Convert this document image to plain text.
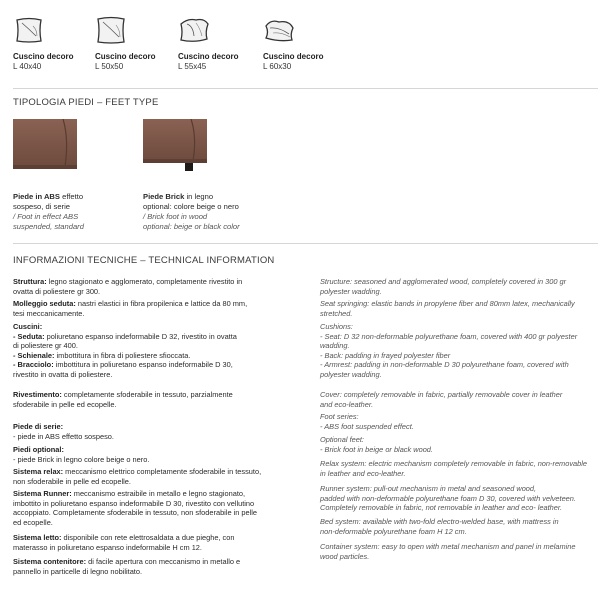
Cuscino decoro
L 40x40
Cuscino decoro
L 50x50
Cuscino decoro
L 55x45
Cuscino decoro
L 60x30
TIPOLOGIA PIEDI – FEET TYPE
Piede in ABS effetto
sospeso, di serie
/ Foot in effect ABS
suspended, standard
Piede Brick in legno
optional: colore beige o nero
/ Brick foot in wood
optional: beige or black color
INFORMAZIONI TECNICHE – TECHNICAL INFORMATION
Struttura: legno stagionato e agglomerato, completamente rivestito in
ovatta di poliestere gr 300.
Molleggio seduta: nastri elastici in fibra propilenica e lattice da 80 mm,
tesi meccanicamente.
Cuscini:
- Seduta: poliuretano espanso indeformabile D 32, rivestito in ovatta
di poliestere gr 400.
- Schienale: imbottitura in fibra di poliestere sfioccata.
- Bracciolo: imbottitura in poliuretano espanso indeformabile D 30,
rivestito in ovatta di poliestere.
Rivestimento: completamente sfoderabile in tessuto, parzialmente
sfoderabile in pelle ed ecopelle.
Piede di serie:
- piede in ABS effetto sospeso.
Piedi optional:
- piede Brick in legno colore beige o nero.
Sistema relax: meccanismo elettrico completamente sfoderabile in tessuto,
non sfoderabile in pelle ed ecopelle.
Sistema Runner: meccanismo estraibile in metallo e legno stagionato,
imbottito in poliuretano espanso indeformabile D 30, rivestito con vellutino
accoppiato. Completamente sfoderabile in tessuto, non sfoderabile in pelle
ed ecopelle.
Sistema letto: disponibile con rete elettrosaldata a due pieghe, con
materasso in poliuretano espanso indeformabile H cm 12.
Sistema contenitore: di facile apertura con meccanismo in metallo e
pannello in particelle di legno nobilitato.
Structure: seasoned and agglomerated wood, completely covered in 300 gr
polyester wadding.
Seat springing: elastic bands in propylene fiber and 80mm latex, mechanically
stretched.
Cushions:
- Seat: D 32 non-deformable polyurethane foam, covered with 400 gr polyester
wadding.
- Back: padding in frayed polyester fiber
- Armrest: padding in non-deformable D 30 polyurethane foam, covered with
polyester wadding.
Cover: completely removable in fabric, partially removable cover in leather
and eco-leather.
Foot series:
- ABS foot suspended effect.
Optional feet:
- Brick foot in beige or black wood.
Relax system: electric mechanism completely removable in fabric, non-removable
in leather and eco-leather.
Runner system: pull-out mechanism in metal and seasoned wood,
padded with non-deformable polyurethane foam D 30, covered with velveteen.
Completely removable in fabric, not removable in leather and eco- leather.
Bed system: available with two-fold electro-welded base, with mattress in
non-deformable polyurethane foam H 12 cm.
Container system: easy to open with metal mechanism and panel in melamine
wood particles.
